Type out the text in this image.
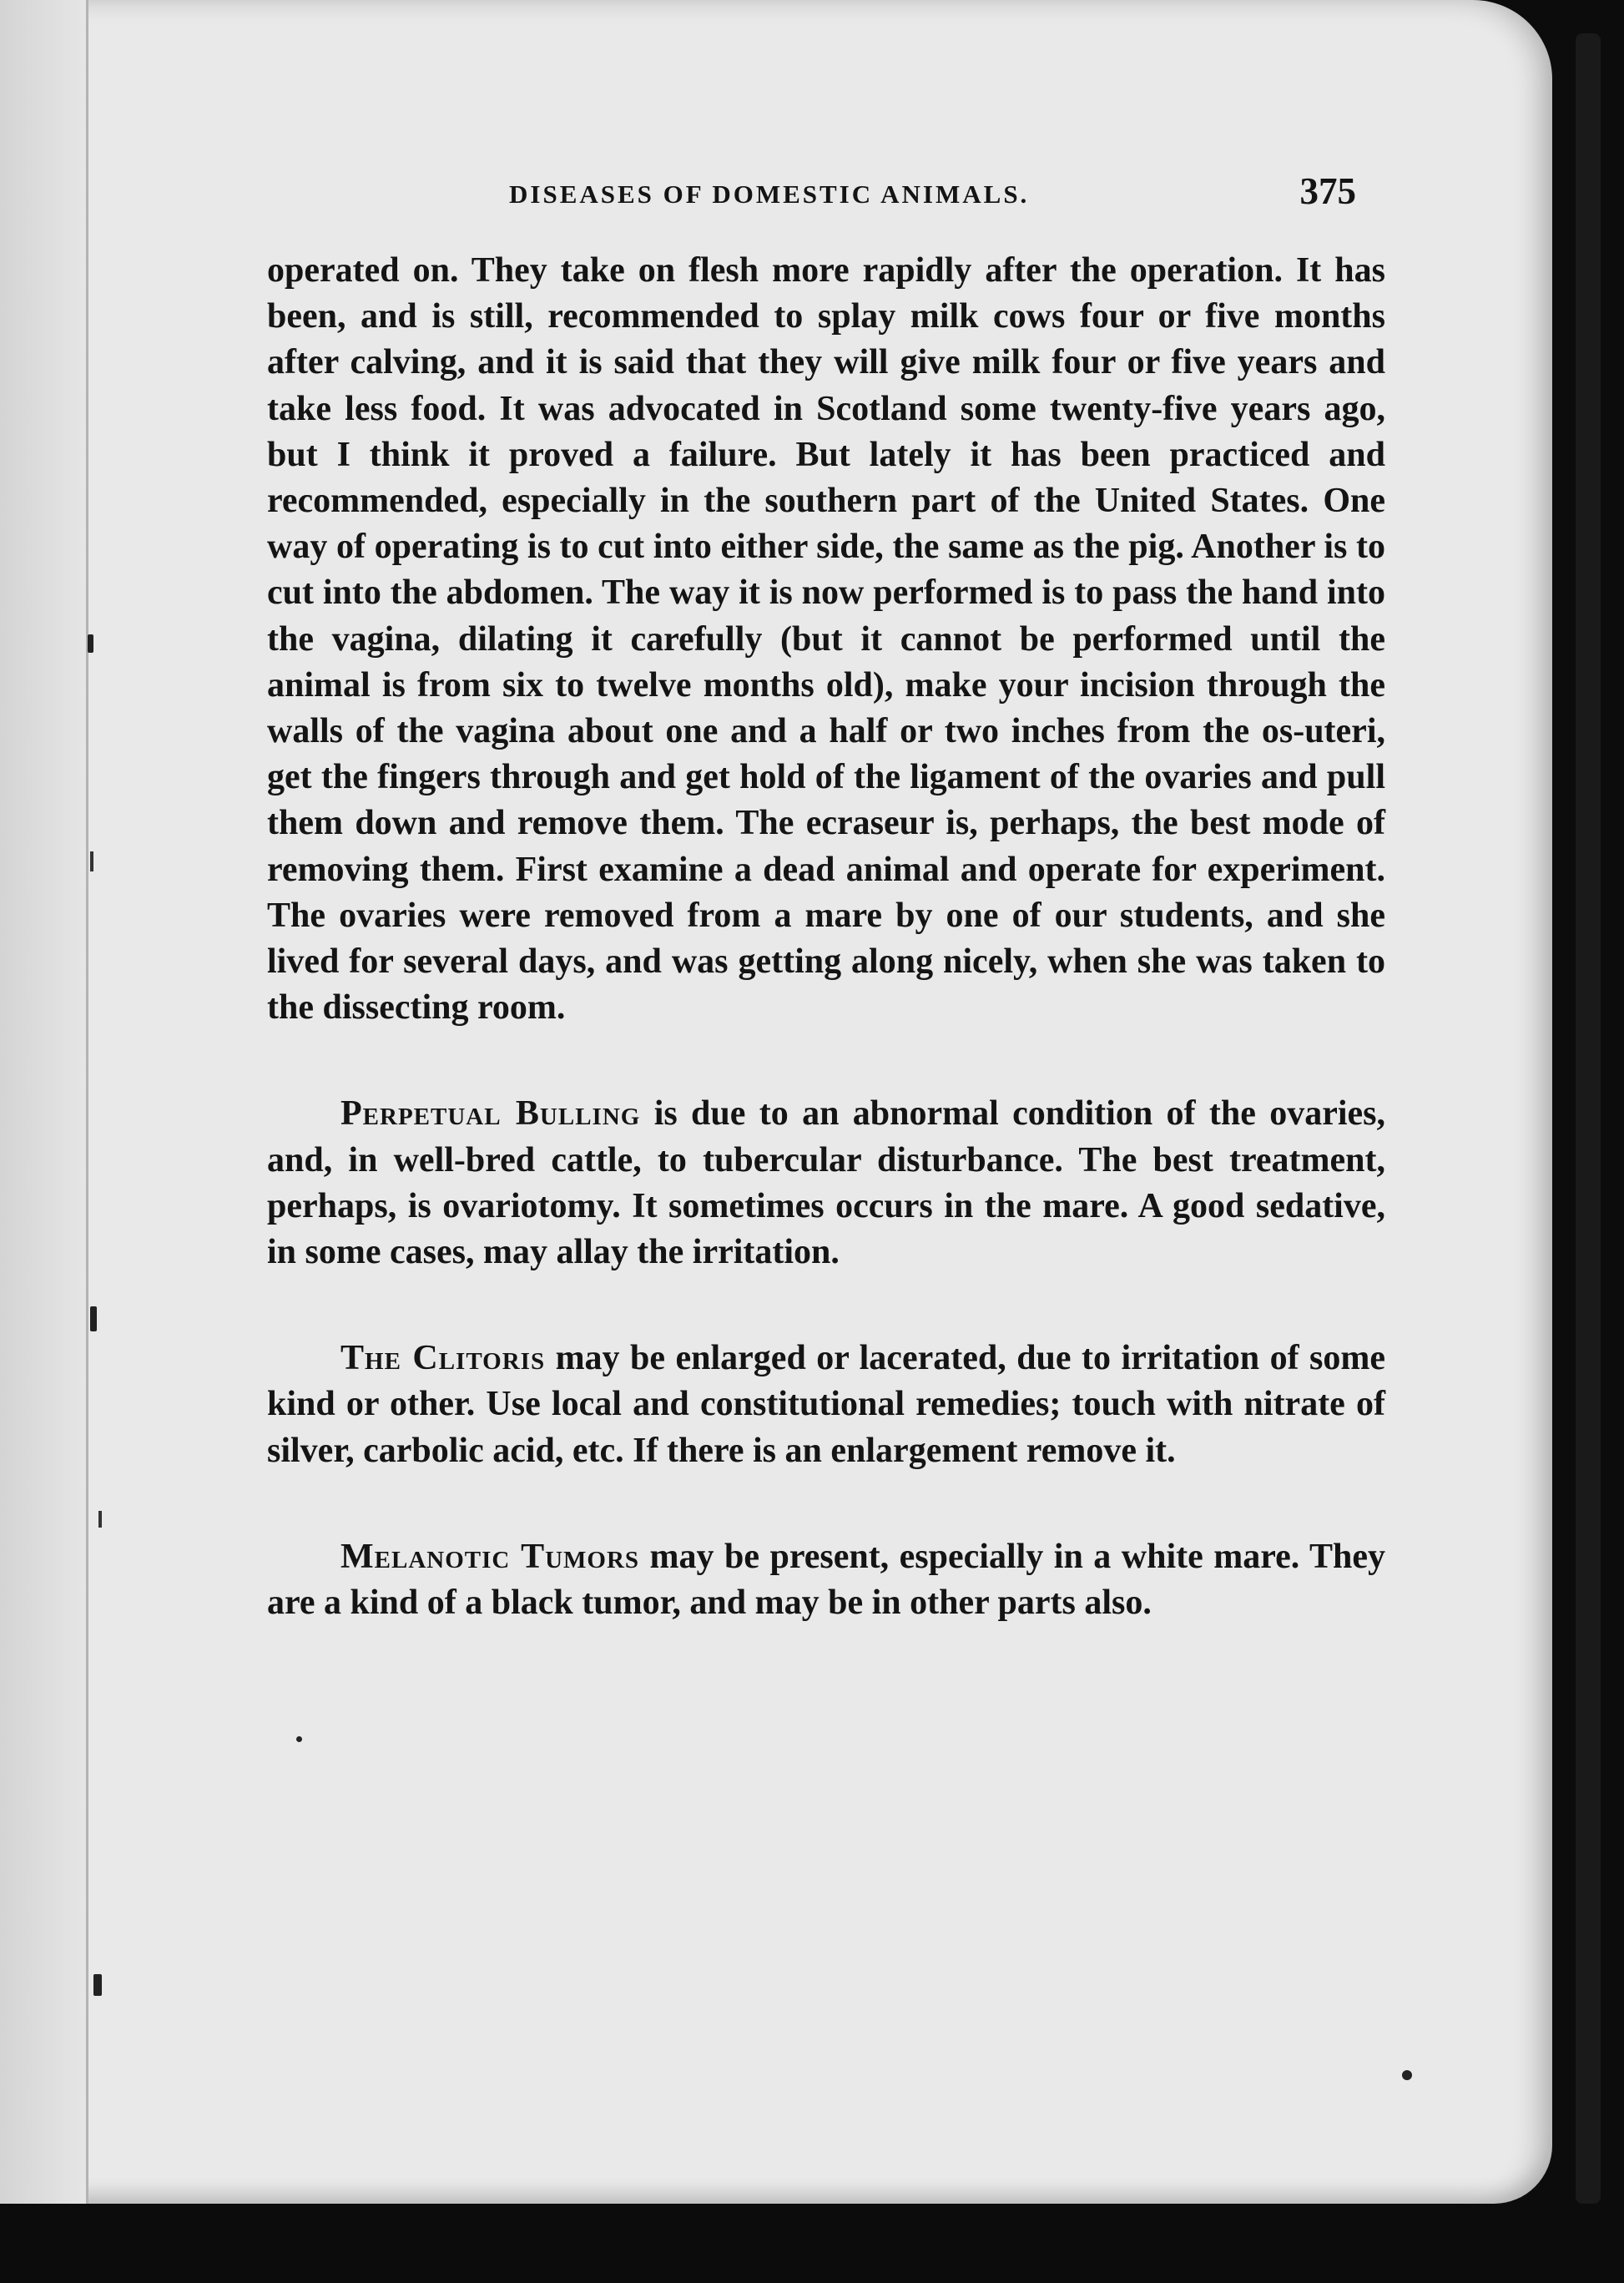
DISEASES OF DOMESTIC ANIMALS.	375

operated on. They take on flesh more rapidly after the operation. It has been, and is still, recommended to splay milk cows four or five months after calving, and it is said that they will give milk four or five years and take less food. It was advocated in Scotland some twenty-five years ago, but I think it proved a failure. But lately it has been practiced and recommended, especially in the southern part of the United States. One way of operating is to cut into either side, the same as the pig. Another is to cut into the abdomen. The way it is now performed is to pass the hand into the vagina, dilating it carefully (but it cannot be performed until the animal is from six to twelve months old), make your incision through the walls of the vagina about one and a half or two inches from the os-uteri, get the fingers through and get hold of the ligament of the ovaries and pull them down and remove them. The ecraseur is, perhaps, the best mode of removing them. First examine a dead animal and operate for experiment. The ovaries were removed from a mare by one of our students, and she lived for several days, and was getting along nicely, when she was taken to the dissecting room.

Perpetual Bulling is due to an abnormal condition of the ovaries, and, in well-bred cattle, to tubercular disturbance. The best treatment, perhaps, is ovariotomy. It sometimes occurs in the mare. A good sedative, in some cases, may allay the irritation.

The Clitoris may be enlarged or lacerated, due to irritation of some kind or other. Use local and constitutional remedies; touch with nitrate of silver, carbolic acid, etc. If there is an enlargement remove it.

Melanotic Tumors may be present, especially in a white mare. They are a kind of a black tumor, and may be in other parts also.
